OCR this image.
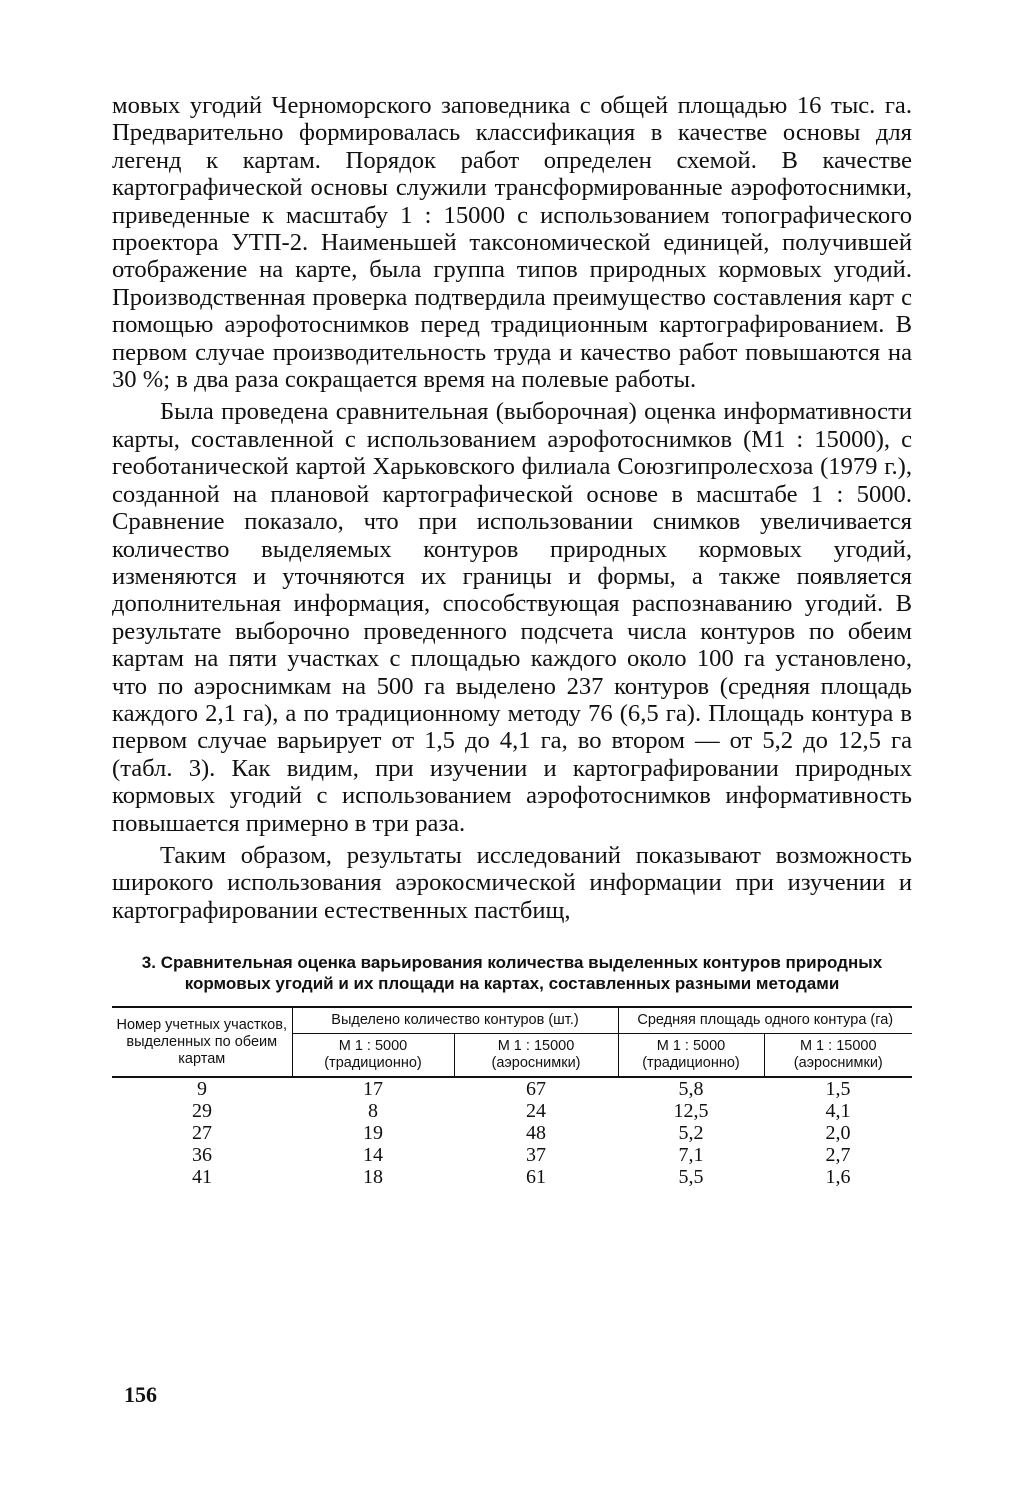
мовых угодий Черноморского заповедника с общей площадью 16 тыс. га. Предварительно формировалась классификация в качестве основы для легенд к картам. Порядок работ определен схемой. В качестве картографической основы служили трансформированные аэрофотоснимки, приведенные к масштабу 1 : 15000 с использованием топографического проектора УТП-2. Наименьшей таксономической единицей, получившей отображение на карте, была группа типов природных кормовых угодий. Производственная проверка подтвердила преимущество составления карт с помощью аэрофотоснимков перед традиционным картографированием. В первом случае производительность труда и качество работ повышаются на 30 %; в два раза сокращается время на полевые работы.

Была проведена сравнительная (выборочная) оценка информативности карты, составленной с использованием аэрофотоснимков (М1 : 15000), с геоботанической картой Харьковского филиала Союзгипролесхоза (1979 г.), созданной на плановой картографической основе в масштабе 1 : 5000. Сравнение показало, что при использовании снимков увеличивается количество выделяемых контуров природных кормовых угодий, изменяются и уточняются их границы и формы, а также появляется дополнительная информация, способствующая распознаванию угодий. В результате выборочно проведенного подсчета числа контуров по обеим картам на пяти участках с площадью каждого около 100 га установлено, что по аэроснимкам на 500 га выделено 237 контуров (средняя площадь каждого 2,1 га), а по традиционному методу 76 (6,5 га). Площадь контура в первом случае варьирует от 1,5 до 4,1 га, во втором — от 5,2 до 12,5 га (табл. 3). Как видим, при изучении и картографировании природных кормовых угодий с использованием аэрофотоснимков информативность повышается примерно в три раза.

Таким образом, результаты исследований показывают возможность широкого использования аэрокосмической информации при изучении и картографировании естественных пастбищ,

3. Сравнительная оценка варьирования количества выделенных контуров природных кормовых угодий и их площади на картах, составленных разными методами

Номер учетных участков, выделенных по обеим картам	Выделено количество контуров (шт.)		Средняя площадь одного контура (га)	
	М 1 : 5000 (традиционно)	М 1 : 15000 (аэроснимки)	М 1 : 5000 (традиционно)	М 1 : 15000 (аэроснимки)
9	17	67	5,8	1,5
29	8	24	12,5	4,1
27	19	48	5,2	2,0
36	14	37	7,1	2,7
41	18	61	5,5	1,6
156
